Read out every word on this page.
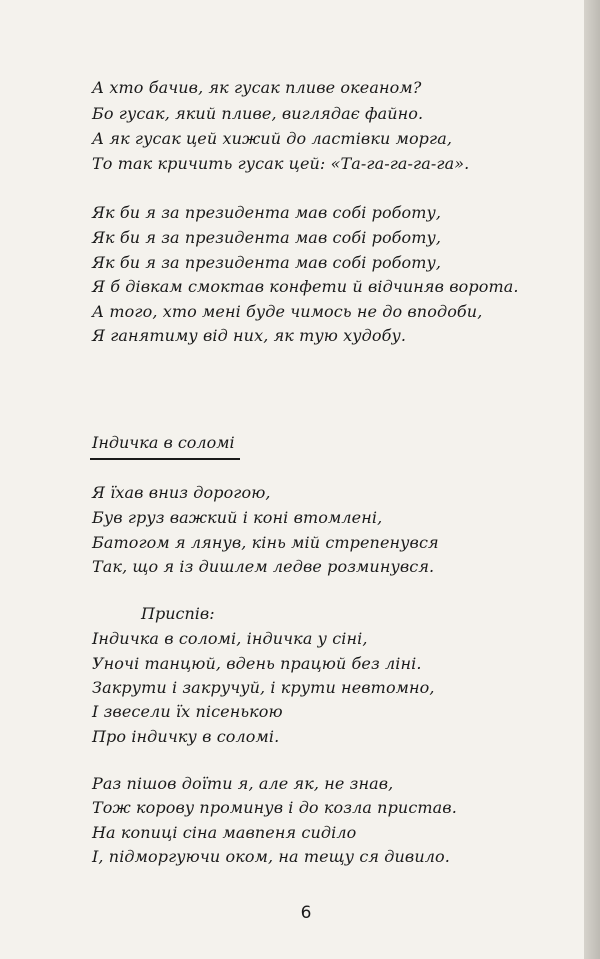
А хто бачив, як гусак пливе океаном?

Бо гусак, який пливе, виглядає файно.

А як гусак цей хижий до ластівки морга,

То так кричить гусак цей: «Та-га-га-га-га».

Як би я за президента мав собі роботу,

Як би я за президента мав собі роботу,

Як би я за президента мав собі роботу,

Я б дівкам смоктав конфети й відчиняв ворота.

А того, хто мені буде чимось не до вподоби,

Я ганятиму від них, як тую худобу.

Індичка в соломі

Я їхав вниз дорогою,

Був груз важкий і коні втомлені,

Батогом я лянув, кінь мій стрепенувся

Так, що я із дишлем ледве розминувся.

Приспів:

Індичка в соломі, індичка у сіні,

Уночі танцюй, вдень працюй без ліні.

Закрути і закручуй, і крути невтомно,

І звесели їх пісенькою

Про індичку в соломі.

Раз пішов доїти я, але як, не знав,

Тож корову проминув і до козла пристав.

На копиці сіна мавпеня сиділо

І, підморгуючи оком, на тещу ся дивило.

6
